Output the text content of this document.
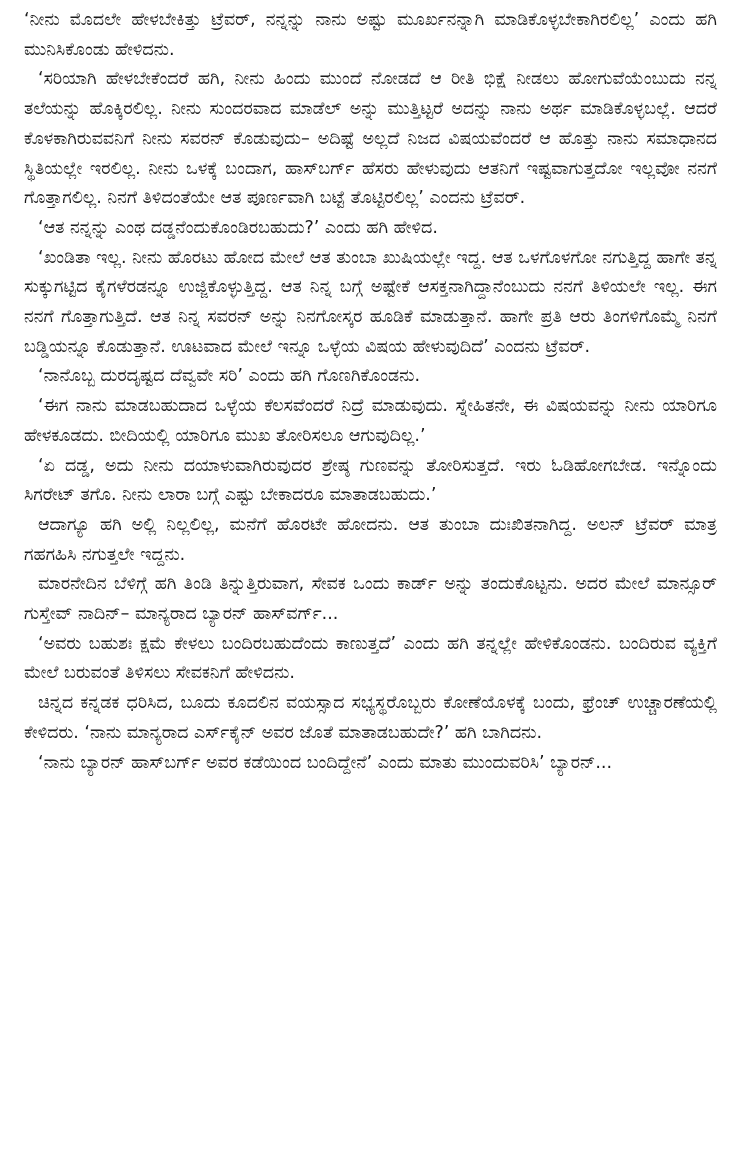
‘ನೀನು ಮೊದಲೇ ಹೇಳಬೇಕಿತ್ತು ಟ್ರೆವರ್, ನನ್ನನ್ನು ನಾನು ಅಷ್ಟು ಮೂರ್ಖನನ್ನಾಗಿ ಮಾಡಿಕೊಳ್ಳಬೇಕಾಗಿರಲಿಲ್ಲ’ ಎಂದು ಹಗಿ ಮುನಿಸಿಕೊಂಡು ಹೇಳಿದನು.

‘ಸರಿಯಾಗಿ ಹೇಳಬೇಕೆಂದರೆ ಹಗಿ, ನೀನು ಹಿಂದು ಮುಂದೆ ನೋಡದೆ ಆ ರೀತಿ ಭಿಕ್ಷೆ ನೀಡಲು ಹೋಗುವೆಯೆಂಬುದು ನನ್ನ ತಲೆಯನ್ನು ಹೊಕ್ಕಿರಲಿಲ್ಲ. ನೀನು ಸುಂದರವಾದ ಮಾಡೆಲ್ ಅನ್ನು ಮುತ್ತಿಟ್ಟರೆ ಅದನ್ನು ನಾನು ಅರ್ಥ ಮಾಡಿಕೊಳ್ಳಬಲ್ಲೆ. ಆದರೆ ಕೊಳಕಾಗಿರುವವನಿಗೆ ನೀನು ಸವರನ್ ಕೊಡುವುದು– ಅದಿಷ್ಟೆ ಅಲ್ಲದೆ ನಿಜದ ವಿಷಯವೆಂದರೆ ಆ ಹೊತ್ತು ನಾನು ಸಮಾಧಾನದ ಸ್ಥಿತಿಯಲ್ಲೇ ಇರಲಿಲ್ಲ. ನೀನು ಒಳಕ್ಕೆ ಬಂದಾಗ, ಹಾಸ್‌ಬರ್ಗ್ ಹೆಸರು ಹೇಳುವುದು ಆತನಿಗೆ ಇಷ್ಟವಾಗುತ್ತದೋ ಇಲ್ಲವೋ ನನಗೆ ಗೊತ್ತಾಗಲಿಲ್ಲ. ನಿನಗೆ ತಿಳಿದಂತೆಯೇ ಆತ ಪೂರ್ಣವಾಗಿ ಬಟ್ಟೆ ತೊಟ್ಟಿರಲಿಲ್ಲ’ ಎಂದನು ಟ್ರೆವರ್.

‘ಆತ ನನ್ನನ್ನು ಎಂಥ ದಡ್ಡನೆಂದುಕೊಂಡಿರಬಹುದು?’ ಎಂದು ಹಗಿ ಹೇಳಿದ.

‘ಖಂಡಿತಾ ಇಲ್ಲ. ನೀನು ಹೊರಟು ಹೋದ ಮೇಲೆ ಆತ ತುಂಬಾ ಖುಷಿಯಲ್ಲೇ ಇದ್ದ. ಆತ ಒಳಗೊಳಗೋ ನಗುತ್ತಿದ್ದ ಹಾಗೇ ತನ್ನ ಸುಕ್ಕುಗಟ್ಟಿದ ಕೈಗಳೆರಡನ್ನೂ ಉಜ್ಜಿಕೊಳ್ಳುತ್ತಿದ್ದ. ಆತ ನಿನ್ನ ಬಗ್ಗೆ ಅಷ್ಟೇಕೆ ಆಸಕ್ತನಾಗಿದ್ದಾನೆಂಬುದು ನನಗೆ ತಿಳಿಯಲೇ ಇಲ್ಲ. ಈಗ ನನಗೆ ಗೊತ್ತಾಗುತ್ತಿದೆ. ಆತ ನಿನ್ನ ಸವರನ್ ಅನ್ನು ನಿನಗೋಸ್ಕರ ಹೂಡಿಕೆ ಮಾಡುತ್ತಾನೆ. ಹಾಗೇ ಪ್ರತಿ ಆರು ತಿಂಗಳಿಗೊಮ್ಮೆ ನಿನಗೆ ಬಡ್ಡಿಯನ್ನೂ ಕೊಡುತ್ತಾನೆ. ಊಟವಾದ ಮೇಲೆ ಇನ್ನೂ ಒಳ್ಳೆಯ ವಿಷಯ ಹೇಳುವುದಿದೆ’ ಎಂದನು ಟ್ರೆವರ್.

‘ನಾನೊಬ್ಬ ದುರದೃಷ್ಟದ ದೆವ್ವವೇ ಸರಿ’ ಎಂದು ಹಗಿ ಗೊಣಗಿಕೊಂಡನು.

‘ಈಗ ನಾನು ಮಾಡಬಹುದಾದ ಒಳ್ಳೆಯ ಕೆಲಸವೆಂದರೆ ನಿದ್ರೆ ಮಾಡುವುದು. ಸ್ನೇಹಿತನೇ, ಈ ವಿಷಯವನ್ನು ನೀನು ಯಾರಿಗೂ ಹೇಳಕೂಡದು. ಬೀದಿಯಲ್ಲಿ ಯಾರಿಗೂ ಮುಖ ತೋರಿಸಲೂ ಆಗುವುದಿಲ್ಲ.’

‘ಏ ದಡ್ಡ, ಅದು ನೀನು ದಯಾಳುವಾಗಿರುವುದರ ಶ್ರೇಷ್ಠ ಗುಣವನ್ನು ತೋರಿಸುತ್ತದೆ. ಇರು ಓಡಿಹೋಗಬೇಡ. ಇನ್ನೊಂದು ಸಿಗರೇಟ್ ತಗೊ. ನೀನು ಲಾರಾ ಬಗ್ಗೆ ಎಷ್ಟು ಬೇಕಾದರೂ ಮಾತಾಡಬಹುದು.’

ಆದಾಗ್ಯೂ ಹಗಿ ಅಲ್ಲಿ ನಿಲ್ಲಲಿಲ್ಲ, ಮನೆಗೆ ಹೊರಟೇ ಹೋದನು. ಆತ ತುಂಬಾ ದುಃಖಿತನಾಗಿದ್ದ. ಅಲನ್ ಟ್ರೆವರ್ ಮಾತ್ರ ಗಹಗಹಿಸಿ ನಗುತ್ತಲೇ ಇದ್ದನು.

ಮಾರನೇದಿನ ಬೆಳಿಗ್ಗೆ ಹಗಿ ತಿಂಡಿ ತಿನ್ನುತ್ತಿರುವಾಗ, ಸೇವಕ ಒಂದು ಕಾರ್ಡ್ ಅನ್ನು ತಂದುಕೊಟ್ಟನು. ಅದರ ಮೇಲೆ ಮಾನ್ಸೂರ್ ಗುಸ್ತೇವ್ ನಾದಿನ್– ಮಾನ್ಯರಾದ ಬ್ಯಾರನ್ ಹಾಸ್‌ವರ್ಗ್...

‘ಅವರು ಬಹುಶಃ ಕ್ಷಮೆ ಕೇಳಲು ಬಂದಿರಬಹುದೆಂದು ಕಾಣುತ್ತದೆ’ ಎಂದು ಹಗಿ ತನ್ನಲ್ಲೇ ಹೇಳಿಕೊಂಡನು. ಬಂದಿರುವ ವ್ಯಕ್ತಿಗೆ ಮೇಲೆ ಬರುವಂತೆ ತಿಳಿಸಲು ಸೇವಕನಿಗೆ ಹೇಳಿದನು.

ಚಿನ್ನದ ಕನ್ನಡಕ ಧರಿಸಿದ, ಬೂದು ಕೂದಲಿನ ವಯಸ್ಸಾದ ಸಭ್ಯಸ್ಥರೊಬ್ಬರು ಕೋಣೆಯೊಳಕ್ಕೆ ಬಂದು, ಫ್ರೆಂಚ್ ಉಚ್ಚಾರಣೆಯಲ್ಲಿ ಕೇಳಿದರು. ‘ನಾನು ಮಾನ್ಯರಾದ ಎರ್ಸ್‌ಕೈನ್ ಅವರ ಜೊತೆ ಮಾತಾಡಬಹುದೇ?’ ಹಗಿ ಬಾಗಿದನು.

‘ನಾನು ಬ್ಯಾರನ್ ಹಾಸ್‌ಬರ್ಗ್ ಅವರ ಕಡೆಯಿಂದ ಬಂದಿದ್ದೇನೆ’ ಎಂದು ಮಾತು ಮುಂದುವರಿಸಿ’ ಬ್ಯಾರನ್...
